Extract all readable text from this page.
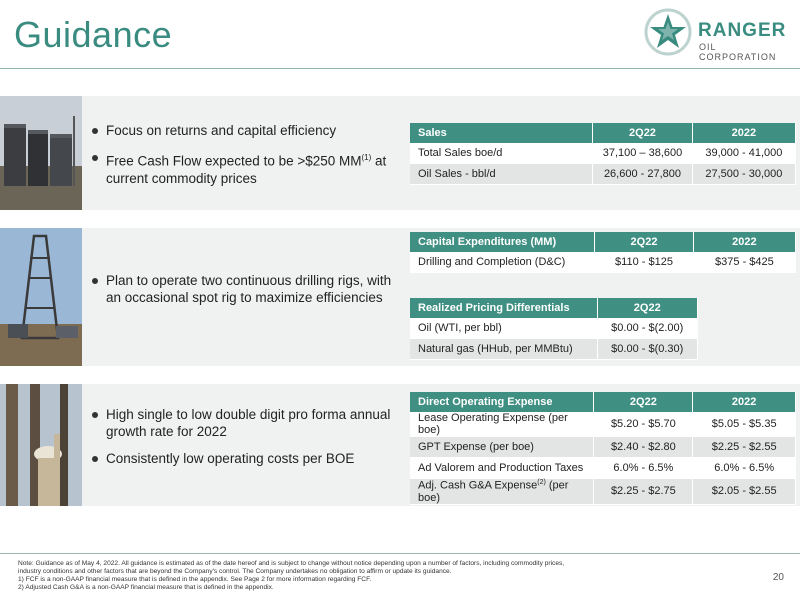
Guidance	RANGER
OIL CORPORATION
Focus on returns and capital efficiency
Free Cash Flow expected to be >$250 MM$^{(1)}$ at current commodity prices
Sales	2Q22	2022
Total Sales boe/d	37,100 – 38,600	39,000 - 41,000
Oil Sales - bbl/d	26,600 - 27,800	27,500 - 30,000
Plan to operate two continuous drilling rigs, with an occasional spot rig to maximize efficiencies
Capital Expenditures (MM)	2Q22	2022
Drilling and Completion (D&C)	$110 - $125	$375 - $425
Realized Pricing Differentials	2Q22
Oil (WTI, per bbl)	$0.00 - $(2.00)
Natural gas (HHub, per MMBtu)	$0.00 - $(0.30)
High single to low double digit pro forma annual growth rate for 2022
Consistently low operating costs per BOE
Direct Operating Expense	2Q22	2022
Lease Operating Expense (per boe)	$5.20 - $5.70	$5.05 - $5.35
GPT Expense (per boe)	$2.40 - $2.80	$2.25 - $2.55
Ad Valorem and Production Taxes	6.0% - 6.5%	6.0% - 6.5%
Adj. Cash G&A Expense$^{(2)}$ (per boe)	$2.25 - $2.75	$2.05 - $2.55
Note: Guidance as of May 4, 2022. All guidance is estimated as of the date hereof and is subject to change without notice depending upon a number of factors, including commodity prices,
industry conditions and other factors that are beyond the Company's control. The Company undertakes no obligation to affirm or update its guidance.
1) FCF is a non-GAAP financial measure that is defined in the appendix. See Page 2 for more information regarding FCF.
2) Adjusted Cash G&A is a non-GAAP financial measure that is defined in the appendix.
20
